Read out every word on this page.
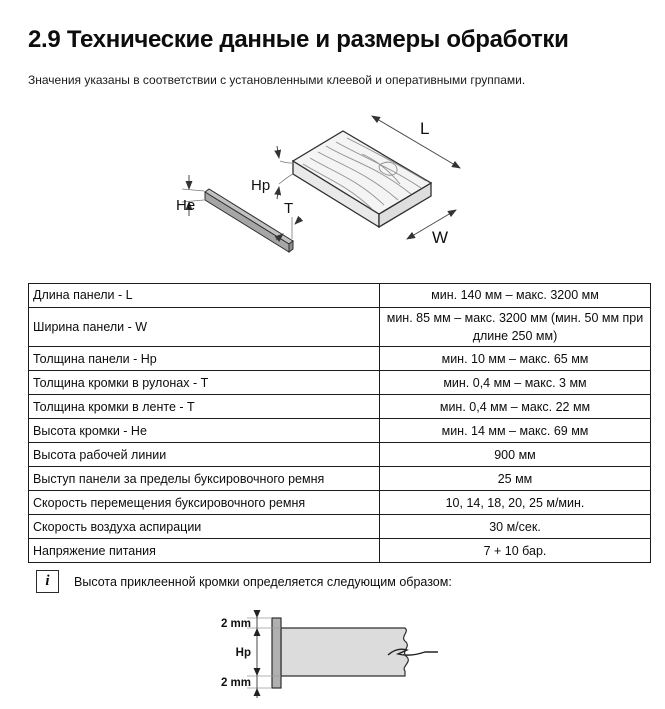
2.9 Технические данные и размеры обработки

Значения указаны в соответствии с установленными клеевой и оперативными группами.

L
W
Hp
He	T
Длина панели - L	мин. 140 мм – макс. 3200 мм
Ширина панели - W	мин. 85 мм – макс. 3200 мм (мин. 50 мм при длине 250 мм)
Толщина панели - Hp	мин. 10 мм – макс. 65 мм
Толщина кромки в рулонах - Т	мин. 0,4 мм – макс. 3 мм
Толщина кромки в ленте - Т	мин. 0,4 мм – макс. 22 мм
Высота кромки - He	мин. 14 мм – макс. 69 мм
Высота рабочей линии	900 мм
Выступ панели за пределы буксировочного ремня	25 мм
Скорость перемещения буксировочного ремня	10, 14, 18, 20, 25 м/мин.
Скорость воздуха аспирации	30 м/сек.
Напряжение питания	7 + 10 бар.
i	Высота приклеенной кромки определяется следующим образом:
2 mm
Hp
2 mm
